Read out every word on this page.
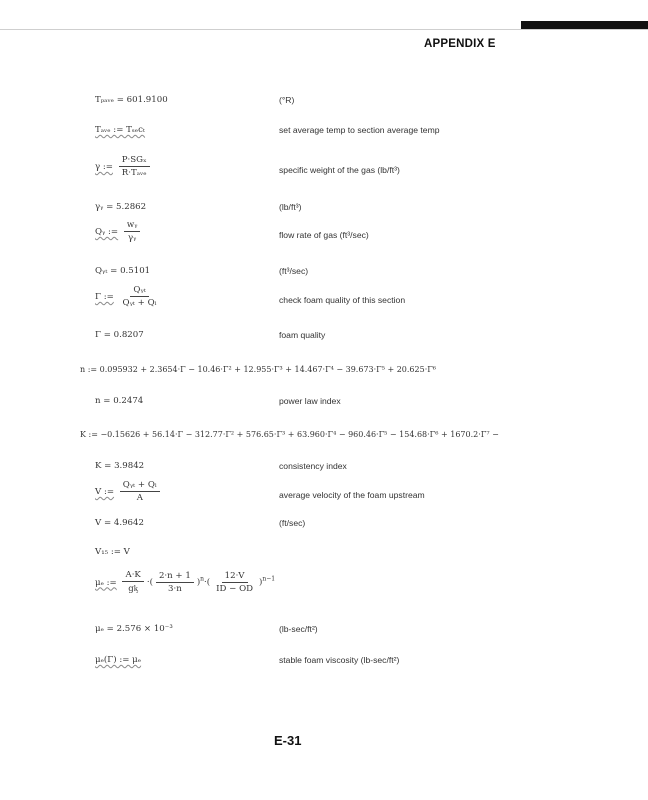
APPENDIX E
Tₚₐᵥₑ = 601.9100	(°R)
Tₐᵥₑ := Tₛₑcₜ	set average temp to section average temp
γ := $\frac{\text{P·SGₓ}}{\text{R·Tₐᵥₑ}}$	specific weight of the gas (lb/ft³)
γᵧ = 5.2862	(lb/ft³)
Qᵧ := $\frac{\text{wᵧ}}{\text{γᵧ}}$	flow rate of gas (ft³/sec)
Qᵧₜ = 0.5101	(ft³/sec)
Γ := $\frac{\text{Qᵧₜ}}{\text{Qᵧₜ + Qₗ}}$	check foam quality of this section
Γ = 0.8207	foam quality
n := 0.095932 + 2.3654·Γ − 10.46·Γ² + 12.955·Γ³ + 14.467·Γ⁴ − 39.673·Γ⁵ + 20.625·Γ⁶
n = 0.2474	power law index
K := −0.15626 + 56.14·Γ − 312.77·Γ² + 576.65·Γ³ + 63.960·Γ⁴ − 960.46·Γ⁵ − 154.68·Γ⁶ + 1670.2·Γ⁷ −
K = 3.9842	consistency index
V := $\frac{\text{Qᵧₜ + Qₗ}}{A}$	average velocity of the foam upstream
V = 4.9642	(ft/sec)
V₁₅ := V
μₑ := $\frac{A\cdot K}{\text{gᶄ}}$ ·( $\frac{2\cdot n + 1}{3\cdot n} )^n\cdot( \frac{12\cdot V}{ID - OD} )^{n-1}$
μₑ = 2.576 × 10⁻³	(lb-sec/ft²)
μₑ(Γ) := μₑ	stable foam viscosity (lb-sec/ft²)
E-31
